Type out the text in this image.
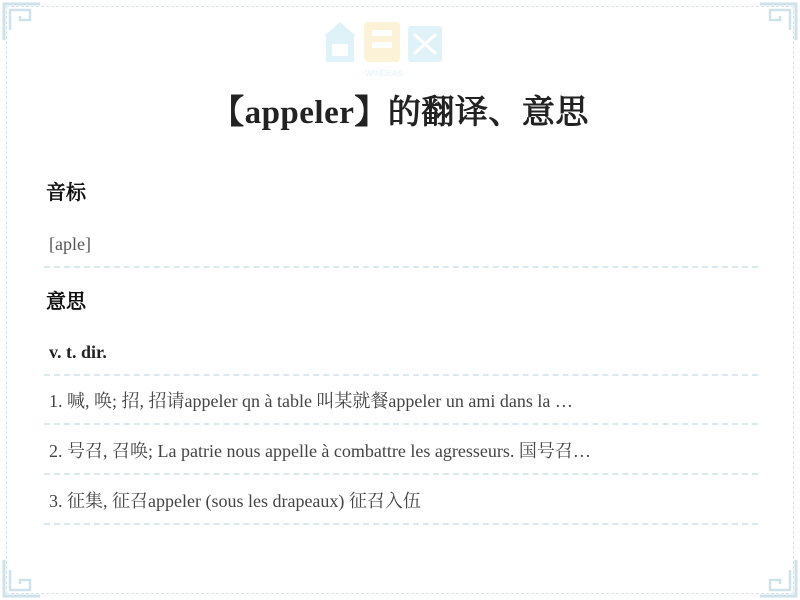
WINDEAS
【appeler】的翻译、意思
音标
[aple]
意思
v. t. dir.
1. 喊, 唤; 招, 招请appeler qn à table 叫某就餐appeler un ami dans la …
2. 号召, 召唤; La patrie nous appelle à combattre les agresseurs. 国号召…
3. 征集, 征召appeler (sous les drapeaux) 征召入伍
